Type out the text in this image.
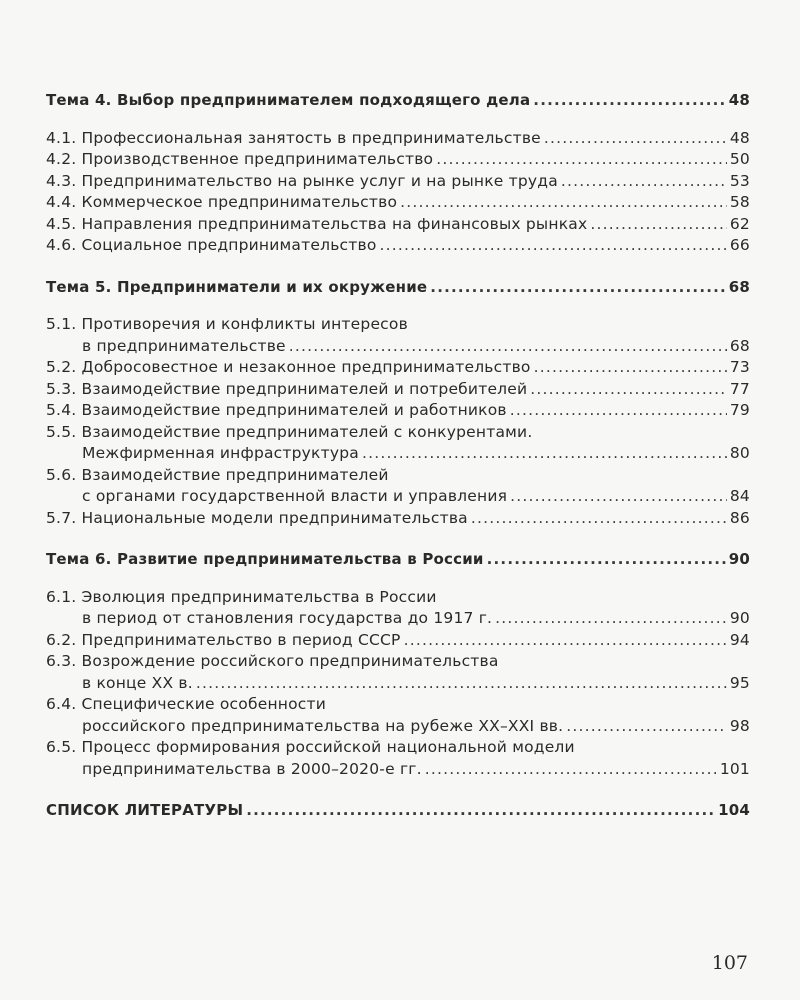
Тема 4. Выбор предпринимателем подходящего дела .....	48
4.1. Профессиональная занятость в предпринимательстве .....	48
4.2. Производственное предпринимательство .....	50
4.3. Предпринимательство на рынке услуг и на рынке труда .....	53
4.4. Коммерческое предпринимательство .....	58
4.5. Направления предпринимательства на финансовых рынках .....	62
4.6. Социальное предпринимательство .....	66
Тема 5. Предприниматели и их окружение .....	68
5.1. Противоречия и конфликты интересов
в предпринимательстве .....	68
5.2. Добросовестное и незаконное предпринимательство .....	73
5.3. Взаимодействие предпринимателей и потребителей .....	77
5.4. Взаимодействие предпринимателей и работников .....	79
5.5. Взаимодействие предпринимателей с конкурентами.
Межфирменная инфраструктура .....	80
5.6. Взаимодействие предпринимателей
с органами государственной власти и управления .....	84
5.7. Национальные модели предпринимательства .....	86
Тема 6. Развитие предпринимательства в России .....	90
6.1. Эволюция предпринимательства в России
в период от становления государства до 1917 г. .....	90
6.2. Предпринимательство в период СССР .....	94
6.3. Возрождение российского предпринимательства
в конце XX в. .....	95
6.4. Специфические особенности
российского предпринимательства на рубеже XX–XXI вв. .....	98
6.5. Процесс формирования российской национальной модели
предпринимательства в 2000–2020-е гг. .....	101
СПИСОК ЛИТЕРАТУРЫ .....	104
107
